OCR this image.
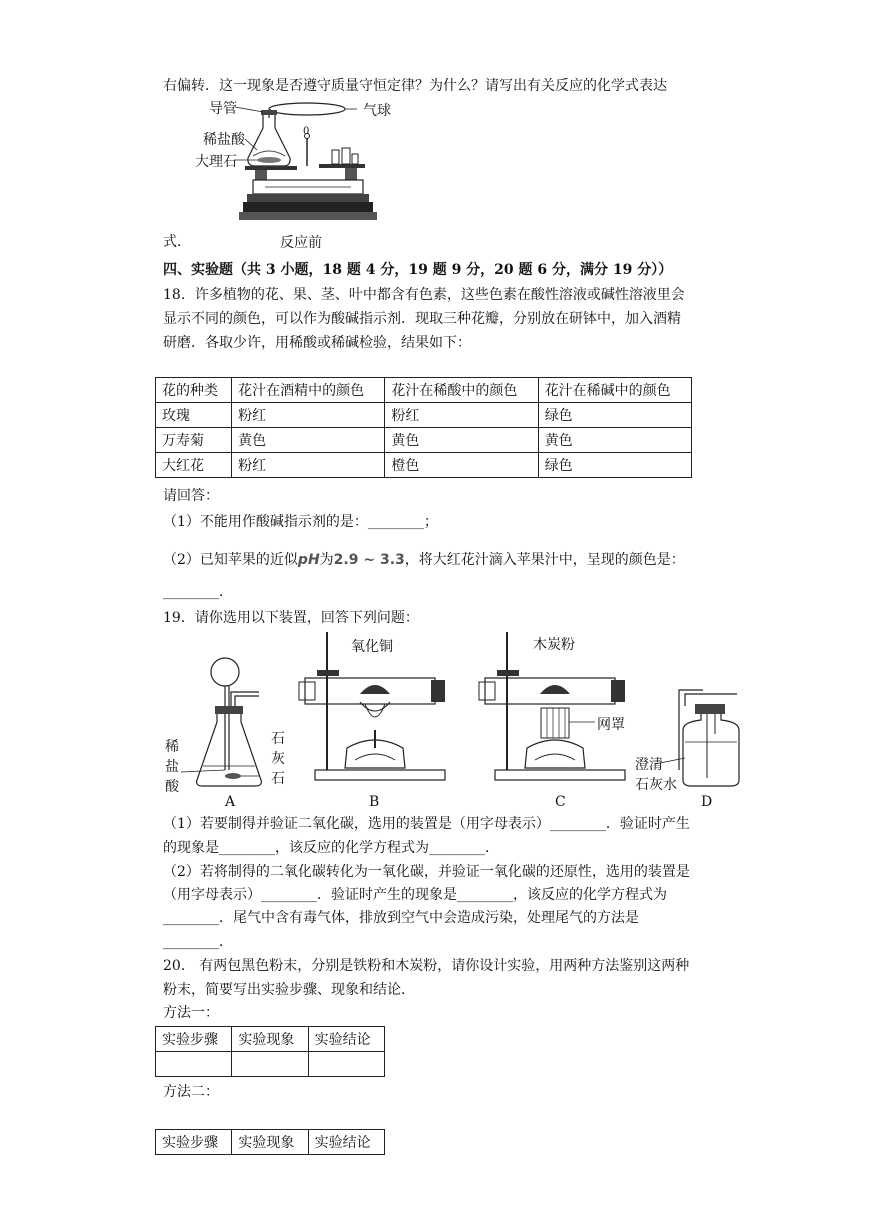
右偏转．这一现象是否遵守质量守恒定律？为什么？请写出有关反应的化学式表达
导管	气球
稀盐酸
大理石
0
式．	反应前
四、实验题（共 3 小题，18 题 4 分，19 题 9 分，20 题 6 分，满分 19 分））
18．许多植物的花、果、茎、叶中都含有色素，这些色素在酸性溶液或碱性溶液里会
显示不同的颜色，可以作为酸碱指示剂．现取三种花瓣，分别放在研钵中，加入酒精
研磨．各取少许，用稀酸或稀碱检验，结果如下：
花的种类	花汁在酒精中的颜色	花汁在稀酸中的颜色	花汁在稀碱中的颜色
玫瑰	粉红	粉红	绿色
万寿菊	黄色	黄色	黄色
大红花	粉红	橙色	绿色
请回答：
（1）不能用作酸碱指示剂的是：________；
（2）已知苹果的近似pH为2.9 ~ 3.3，将大红花汁滴入苹果汁中，呈现的颜色是：
________．
19．请你选用以下装置，回答下列问题：
稀
盐
酸
石
灰
石
氧化铜	木炭粉
网罩
澄清
石灰水
A	B	C	D
（1）若要制得并验证二氧化碳，选用的装置是（用字母表示）________．验证时产生
的现象是________，该反应的化学方程式为________．
（2）若将制得的二氧化碳转化为一氧化碳，并验证一氧化碳的还原性，选用的装置是
（用字母表示）________．验证时产生的现象是________，该反应的化学方程式为
________．尾气中含有毒气体，排放到空气中会造成污染，处理尾气的方法是
________．
20． 有两包黑色粉末，分别是铁粉和木炭粉，请你设计实验，用两种方法鉴别这两种
粉末，简要写出实验步骤、现象和结论．
方法一：
实验步骤	实验现象	实验结论

方法二：
实验步骤	实验现象	实验结论
